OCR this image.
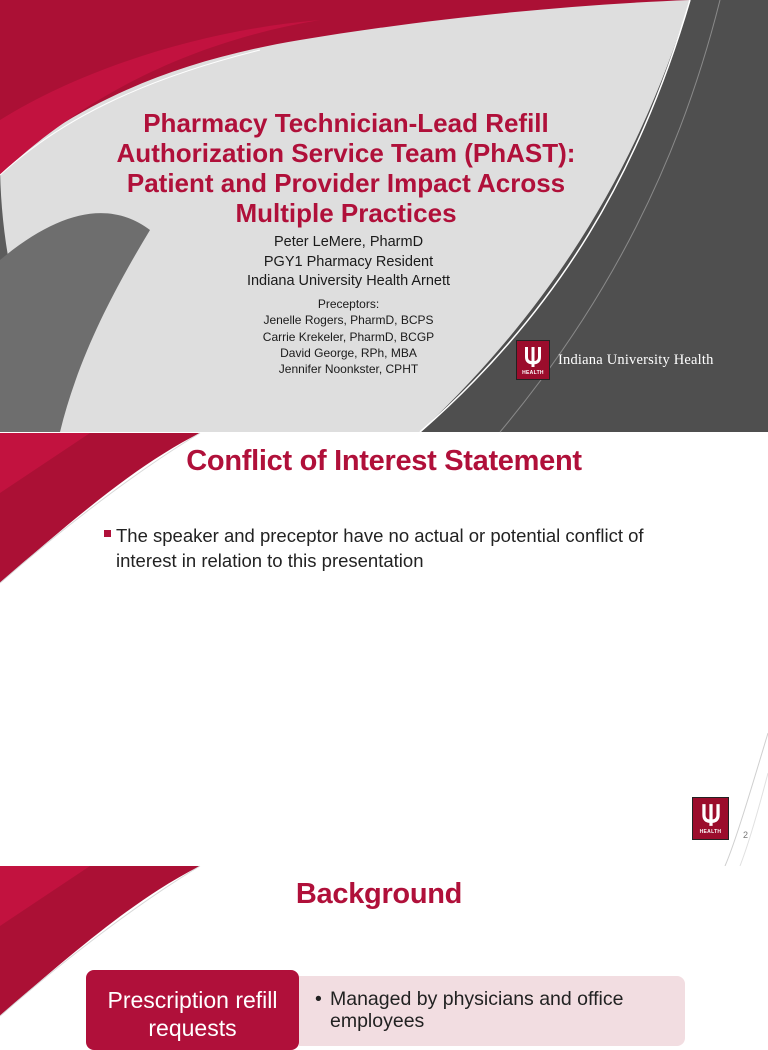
Pharmacy Technician-Lead Refill Authorization Service Team (PhAST): Patient and Provider Impact Across Multiple Practices
Peter LeMere, PharmD
PGY1 Pharmacy Resident
Indiana University Health Arnett
Preceptors:
Jenelle Rogers, PharmD, BCPS
Carrie Krekeler, PharmD, BCGP
David George, RPh, MBA
Jennifer Noonkster, CPHT	HEALTH
Indiana University Health
Conflict of Interest Statement
The speaker and preceptor have no actual or potential conflict of interest in relation to this presentation
HEALTH 2
Background
• Managed by physicians and office employees
Prescription refill requests
